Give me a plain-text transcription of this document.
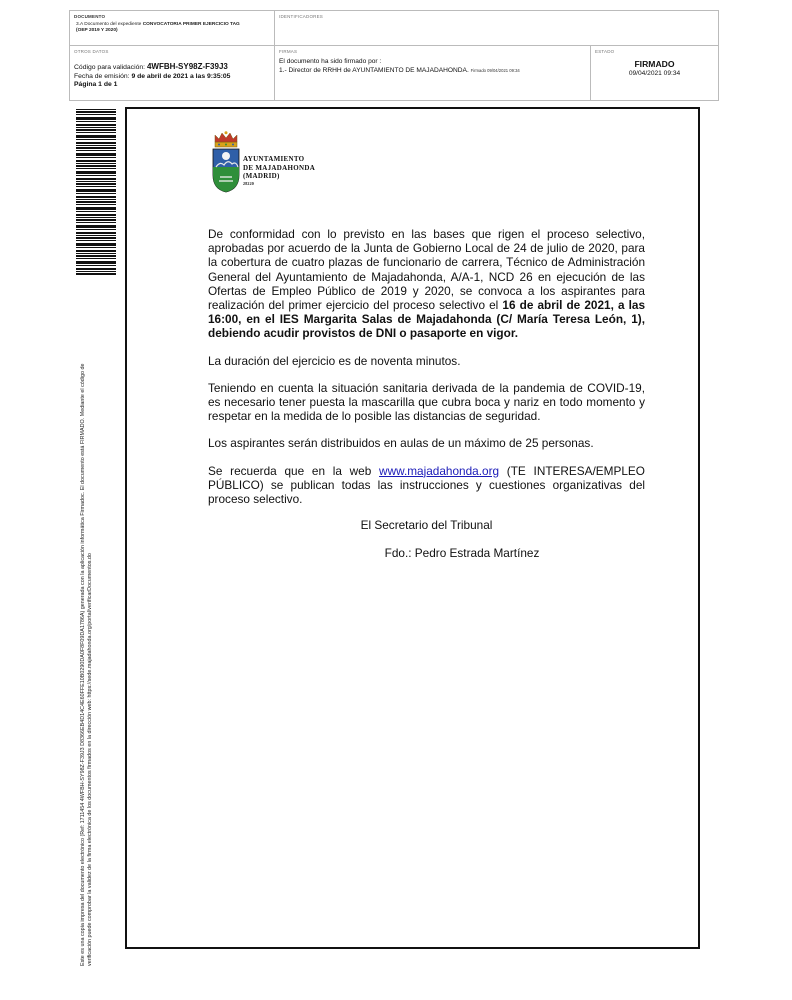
DOCUMENTO
3.A Documento del expediente CONVOCATORIA PRIMER EJERCICIO TAG
(OEP 2019 Y 2020)
IDENTIFICADORES
OTROS DATOS
Código para validación: 4WFBH-SY98Z-F39J3
Fecha de emisión: 9 de abril de 2021 a las 9:35:05
Página 1 de 1
FIRMAS
El documento ha sido firmado por :
1.- Director de RRHH de AYUNTAMIENTO DE MAJADAHONDA. Firmado 09/04/2021 09:34
ESTADO
FIRMADO
09/04/2021 09:34
Este es una copia impresa del documento electrónico (Ref: 1711454 4WFBH-SY98Z-F39J3 D8366EB4D14C4E60FFE10B0290DA0F8F09DA1786A) generada con la aplicación informática Firmadoc. El documento está FIRMADO. Mediante el código de verificación puede comprobar la validez de la firma electrónica de los documentos firmados en la dirección web: https://sede.majadahonda.org/portal/verificarDocumentos.do
AYUNTAMIENTO
DE MAJADAHONDA
(MADRID)
28220

De conformidad con lo previsto en las bases que rigen el proceso selectivo, aprobadas por acuerdo de la Junta de Gobierno Local de 24 de julio de 2020, para la cobertura de cuatro plazas de funcionario de carrera, Técnico de Administración General del Ayuntamiento de Majadahonda, A/A-1, NCD 26 en ejecución de las Ofertas de Empleo Público de 2019 y 2020, se convoca a los aspirantes para realización del primer ejercicio del proceso selectivo el 16 de abril de 2021, a las 16:00, en el IES Margarita Salas de Majadahonda (C/ María Teresa León, 1), debiendo acudir provistos de DNI o pasaporte en vigor.

La duración del ejercicio es de noventa minutos.

Teniendo en cuenta la situación sanitaria derivada de la pandemia de COVID-19, es necesario tener puesta la mascarilla que cubra boca y nariz en todo momento y respetar en la medida de lo posible las distancias de seguridad.

Los aspirantes serán distribuidos en aulas de un máximo de 25 personas.

Se recuerda que en la web www.majadahonda.org (TE INTERESA/EMPLEO PÚBLICO) se publican todas las instrucciones y cuestiones organizativas del proceso selectivo.

El Secretario del Tribunal
Fdo.: Pedro Estrada Martínez
